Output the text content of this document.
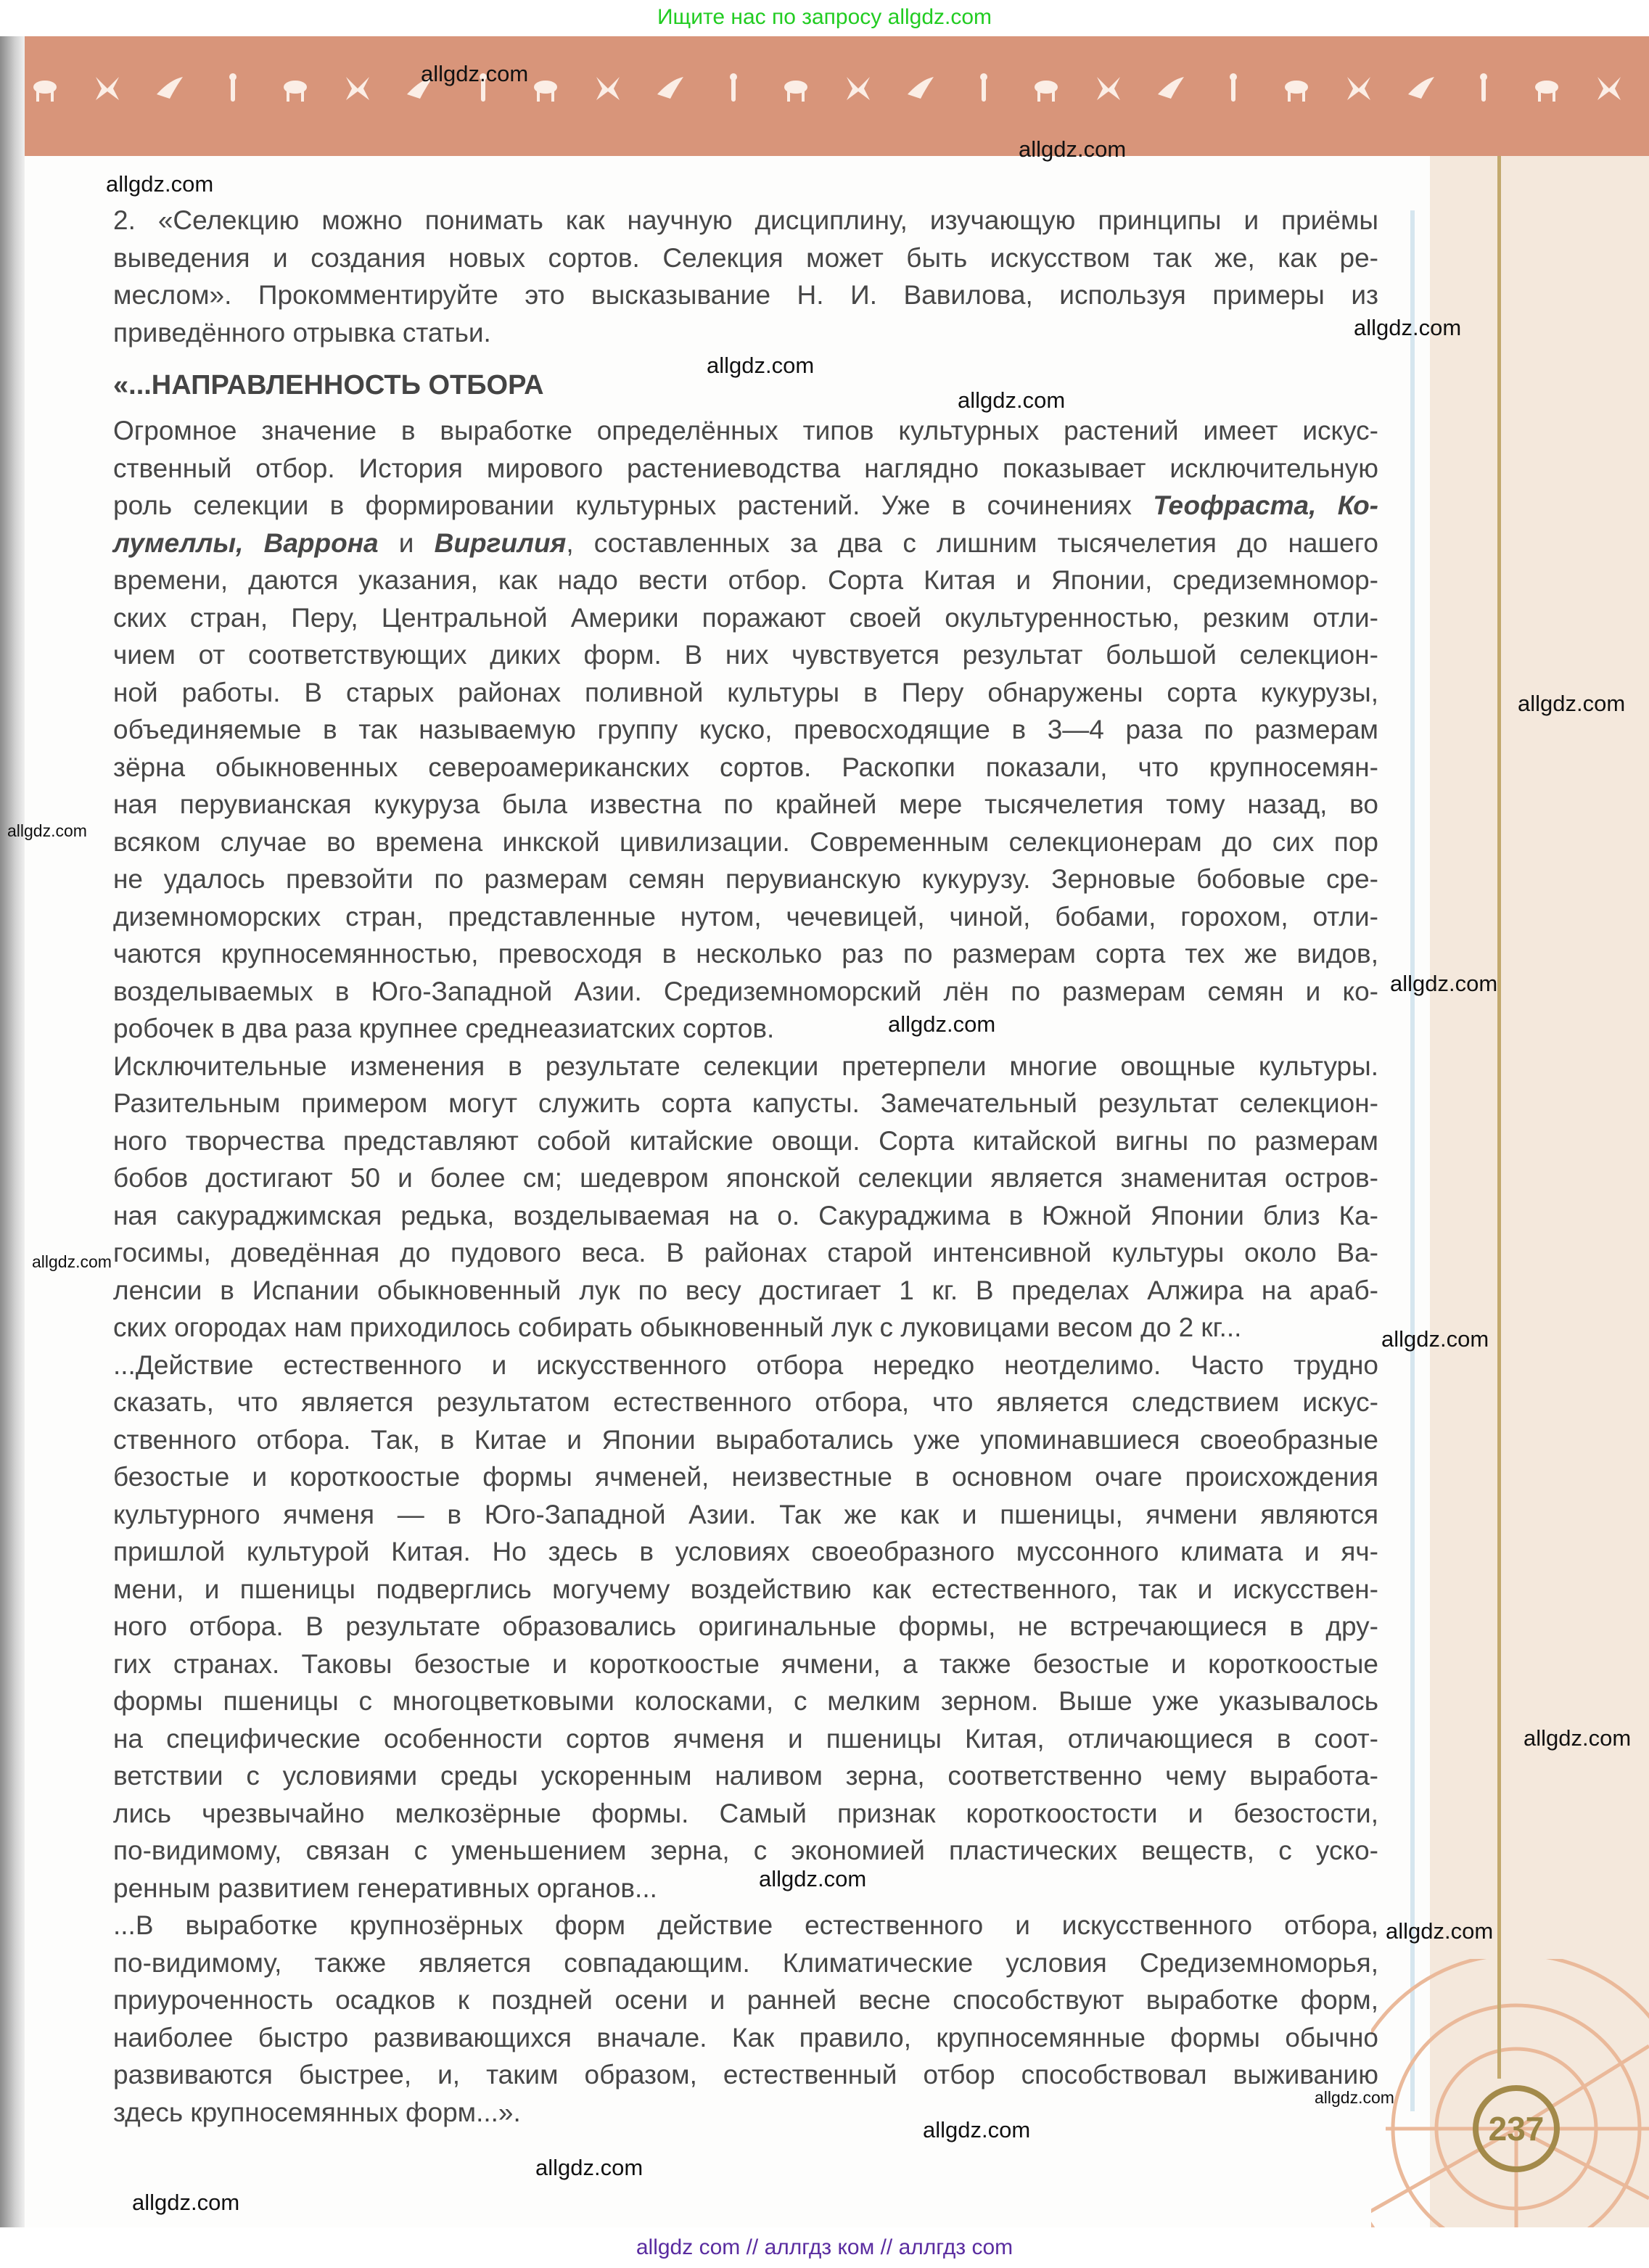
Ищите нас по запросу allgdz.com
237
2. «Селекцию можно понимать как научную дисциплину, изучающую принципы и приёмы
выведения и создания новых сортов. Селекция может быть искусством так же, как ре-
меслом». Прокомментируйте это высказывание Н. И. Вавилова, используя примеры из
приведённого отрывка статьи.
«...НАПРАВЛЕННОСТЬ ОТБОРА
Огромное значение в выработке определённых типов культурных растений имеет искус-
ственный отбор. История мирового растениеводства наглядно показывает исключительную
роль селекции в формировании культурных растений. Уже в сочинениях Теофраста, Ко-
лумеллы, Варрона и Виргилия, составленных за два с лишним тысячелетия до нашего
времени, даются указания, как надо вести отбор. Сорта Китая и Японии, средиземномор-
ских стран, Перу, Центральной Америки поражают своей окультуренностью, резким отли-
чием от соответствующих диких форм. В них чувствуется результат большой селекцион-
ной работы. В старых районах поливной культуры в Перу обнаружены сорта кукурузы,
объединяемые в так называемую группу куско, превосходящие в 3—4 раза по размерам
зёрна обыкновенных североамериканских сортов. Раскопки показали, что крупносемян-
ная перувианская кукуруза была известна по крайней мере тысячелетия тому назад, во
всяком случае во времена инкской цивилизации. Современным селекционерам до сих пор
не удалось превзойти по размерам семян перувианскую кукурузу. Зерновые бобовые сре-
диземноморских стран, представленные нутом, чечевицей, чиной, бобами, горохом, отли-
чаются крупносемянностью, превосходя в несколько раз по размерам сорта тех же видов,
возделываемых в Юго-Западной Азии. Средиземноморский лён по размерам семян и ко-
робочек в два раза крупнее среднеазиатских сортов.
Исключительные изменения в результате селекции претерпели многие овощные культуры.
Разительным примером могут служить сорта капусты. Замечательный результат селекцион-
ного творчества представляют собой китайские овощи. Сорта китайской вигны по размерам
бобов достигают 50 и более см; шедевром японской селекции является знаменитая остров-
ная сакураджимская редька, возделываемая на о. Сакураджима в Южной Японии близ Ка-
госимы, доведённая до пудового веса. В районах старой интенсивной культуры около Ва-
ленсии в Испании обыкновенный лук по весу достигает 1 кг. В пределах Алжира на араб-
ских огородах нам приходилось собирать обыкновенный лук с луковицами весом до 2 кг...
...Действие естественного и искусственного отбора нередко неотделимо. Часто трудно
сказать, что является результатом естественного отбора, что является следствием искус-
ственного отбора. Так, в Китае и Японии выработались уже упоминавшиеся своеобразные
безостые и короткоостые формы ячменей, неизвестные в основном очаге происхождения
культурного ячменя — в Юго-Западной Азии. Так же как и пшеницы, ячмени являются
пришлой культурой Китая. Но здесь в условиях своеобразного муссонного климата и яч-
мени, и пшеницы подверглись могучему воздействию как естественного, так и искусствен-
ного отбора. В результате образовались оригинальные формы, не встречающиеся в дру-
гих странах. Таковы безостые и короткоостые ячмени, а также безостые и короткоостые
формы пшеницы с многоцветковыми колосками, с мелким зерном. Выше уже указывалось
на специфические особенности сортов ячменя и пшеницы Китая, отличающиеся в соот-
ветствии с условиями среды ускоренным наливом зерна, соответственно чему выработа-
лись чрезвычайно мелкозёрные формы. Самый признак короткоостости и безостости,
по-видимому, связан с уменьшением зерна, с экономией пластических веществ, с уско-
ренным развитием генеративных органов...
...В выработке крупнозёрных форм действие естественного и искусственного отбора,
по-видимому, также является совпадающим. Климатические условия Средиземноморья,
приуроченность осадков к поздней осени и ранней весне способствуют выработке форм,
наиболее быстро развивающихся вначале. Как правило, крупносемянные формы обычно
развиваются быстрее, и, таким образом, естественный отбор способствовал выживанию
здесь крупносемянных форм...».
allgdz.com
allgdz.com
allgdz.com
allgdz.com
allgdz.com
allgdz.com
allgdz.com
allgdz.com
allgdz.com
allgdz.com
allgdz.com
allgdz.com
allgdz.com
allgdz.com
allgdz.com
allgdz.com
allgdz.com
allgdz.com
allgdz.com
allgdz com // аллгдз ком // аллгдз com
